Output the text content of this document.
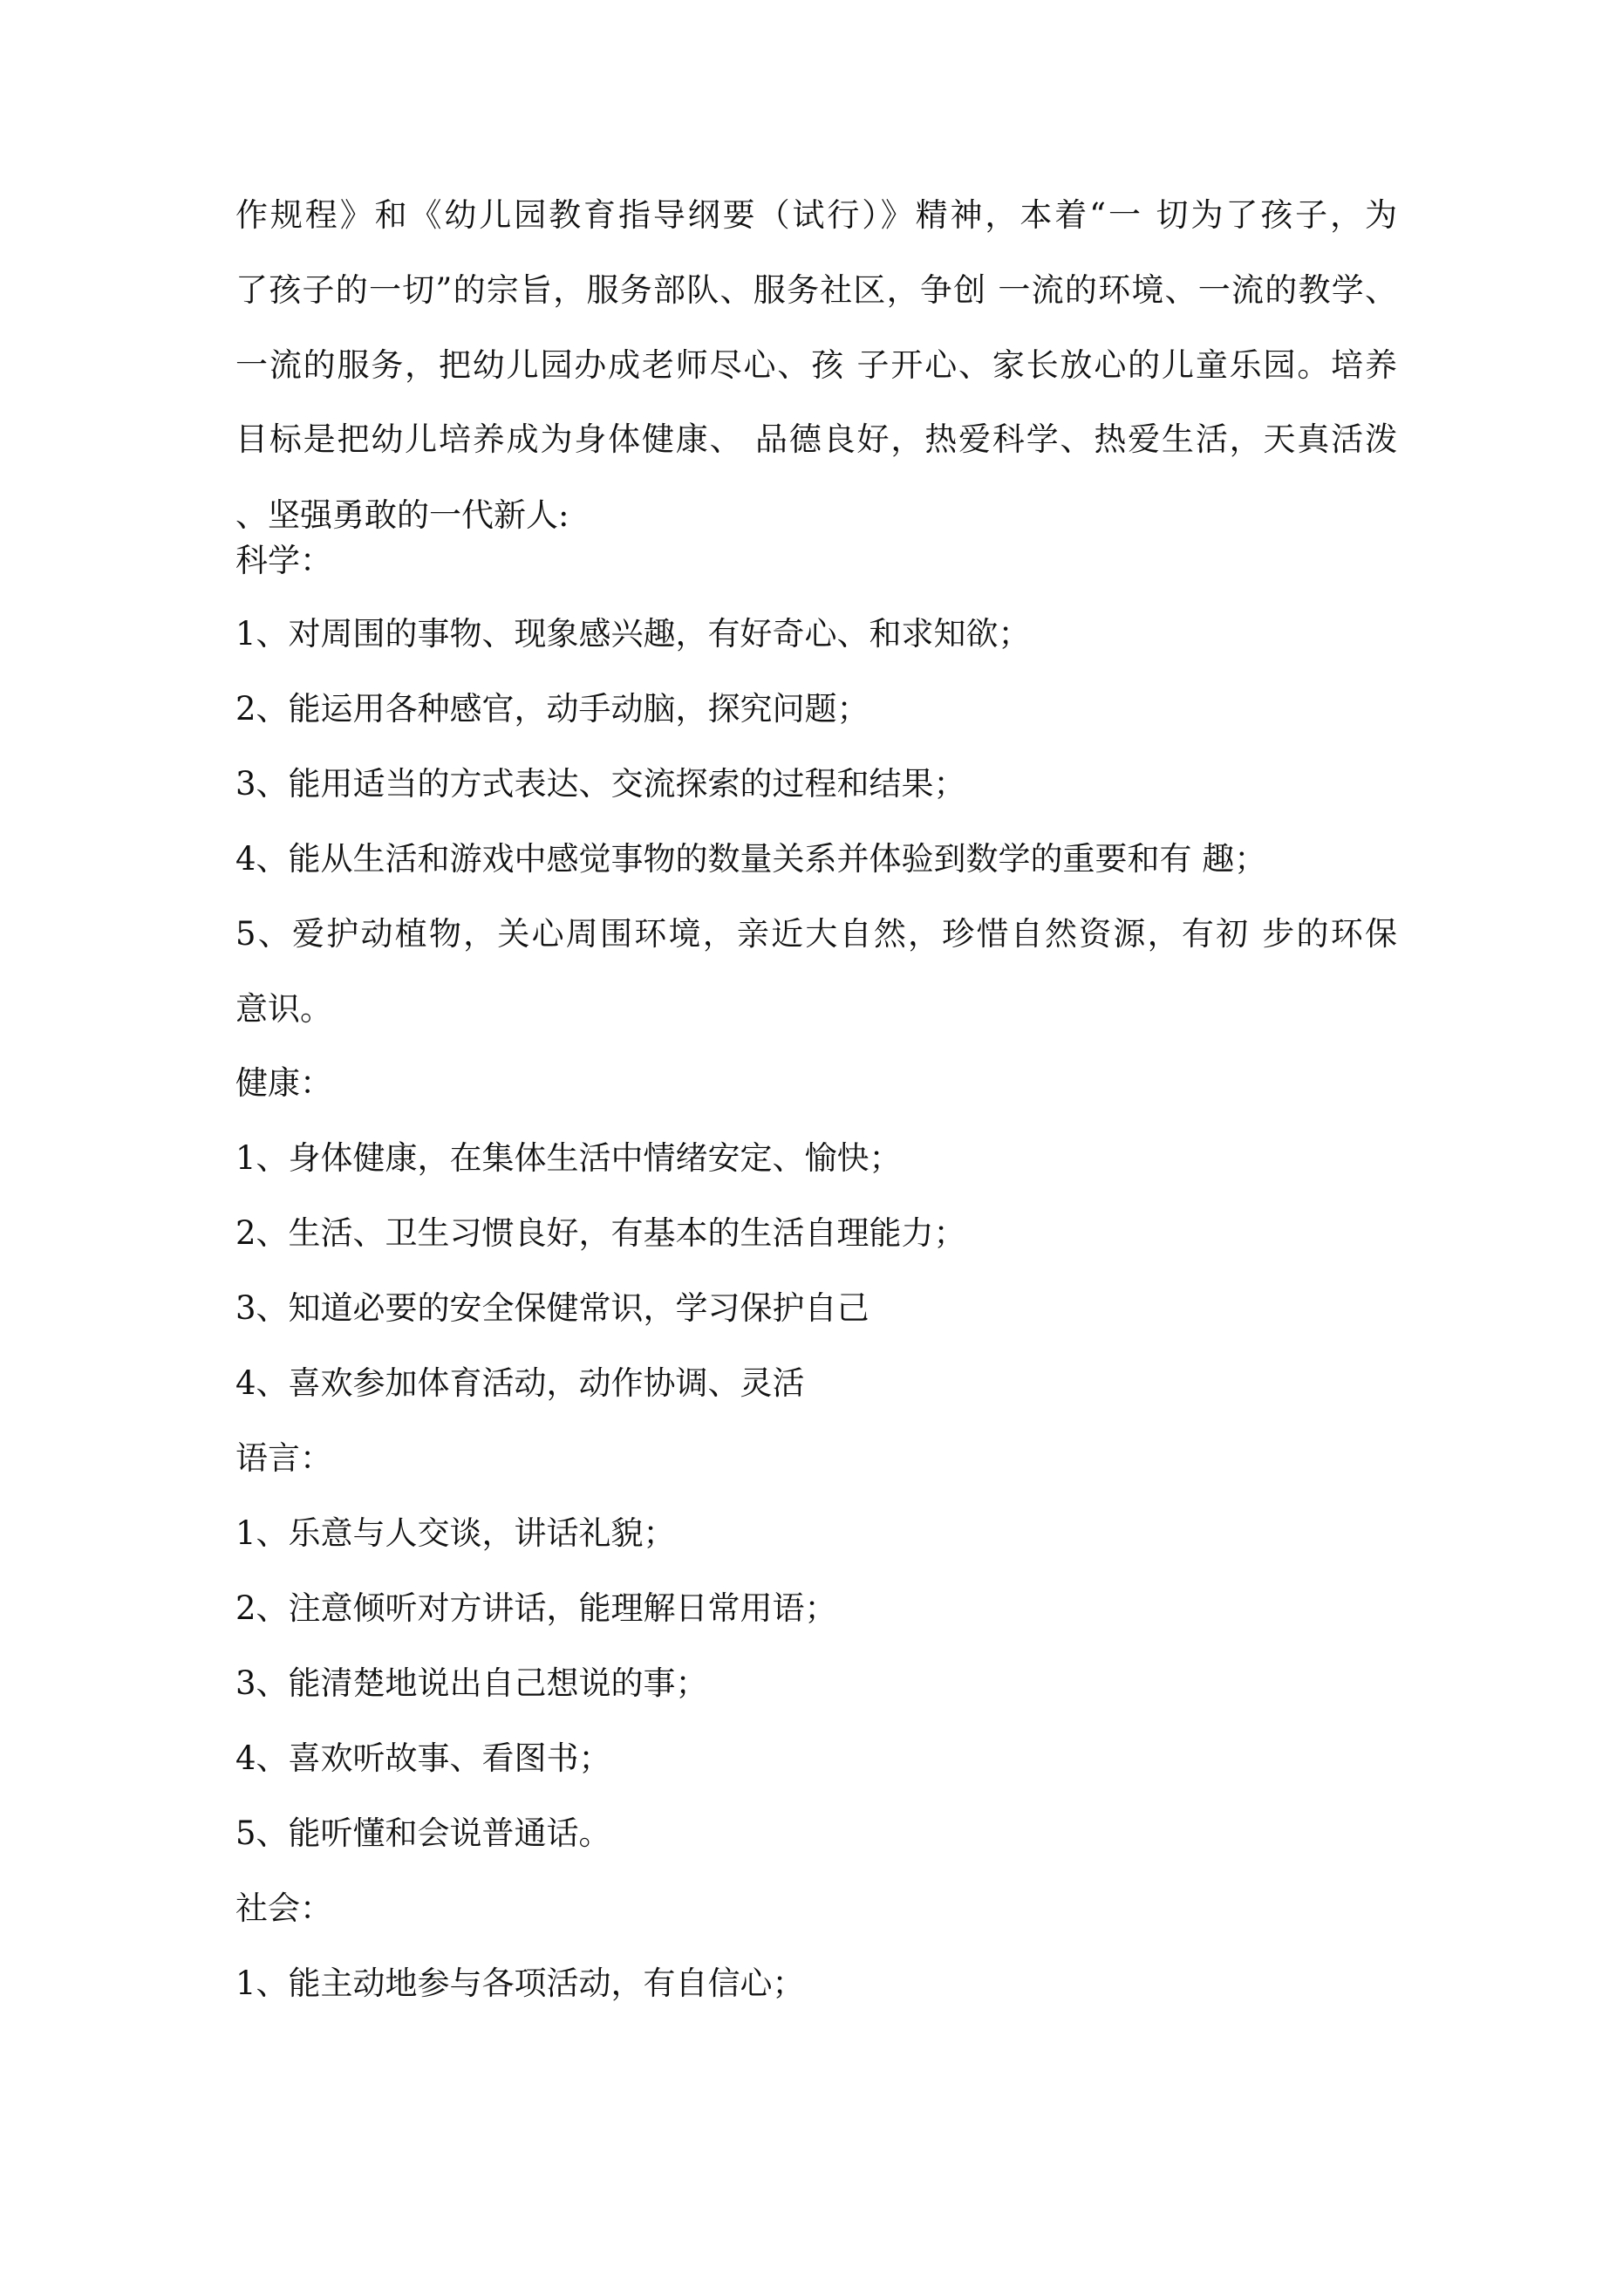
作规程》和《幼儿园教育指导纲要（试行）》精神，本着“一 切为了孩子，为
了孩子的一切”的宗旨，服务部队、服务社区，争创 一流的环境、一流的教学、
一流的服务，把幼儿园办成老师尽心、孩 子开心、家长放心的儿童乐园。培养
目标是把幼儿培养成为身体健康、 品德良好，热爱科学、热爱生活，天真活泼
、坚强勇敢的一代新人:
科学：
1、对周围的事物、现象感兴趣，有好奇心、和求知欲；
2、能运用各种感官，动手动脑，探究问题；
3、能用适当的方式表达、交流探索的过程和结果；
4、能从生活和游戏中感觉事物的数量关系并体验到数学的重要和有 趣；
5、爱护动植物，关心周围环境，亲近大自然，珍惜自然资源，有初 步的环保
意识。
健康：
1、身体健康，在集体生活中情绪安定、愉快；
2、生活、卫生习惯良好，有基本的生活自理能力；
3、知道必要的安全保健常识，学习保护自己
4、喜欢参加体育活动，动作协调、灵活
语言：
1、乐意与人交谈，讲话礼貌；
2、注意倾听对方讲话，能理解日常用语；
3、能清楚地说出自己想说的事；
4、喜欢听故事、看图书；
5、能听懂和会说普通话。
社会：
1、能主动地参与各项活动，有自信心；
